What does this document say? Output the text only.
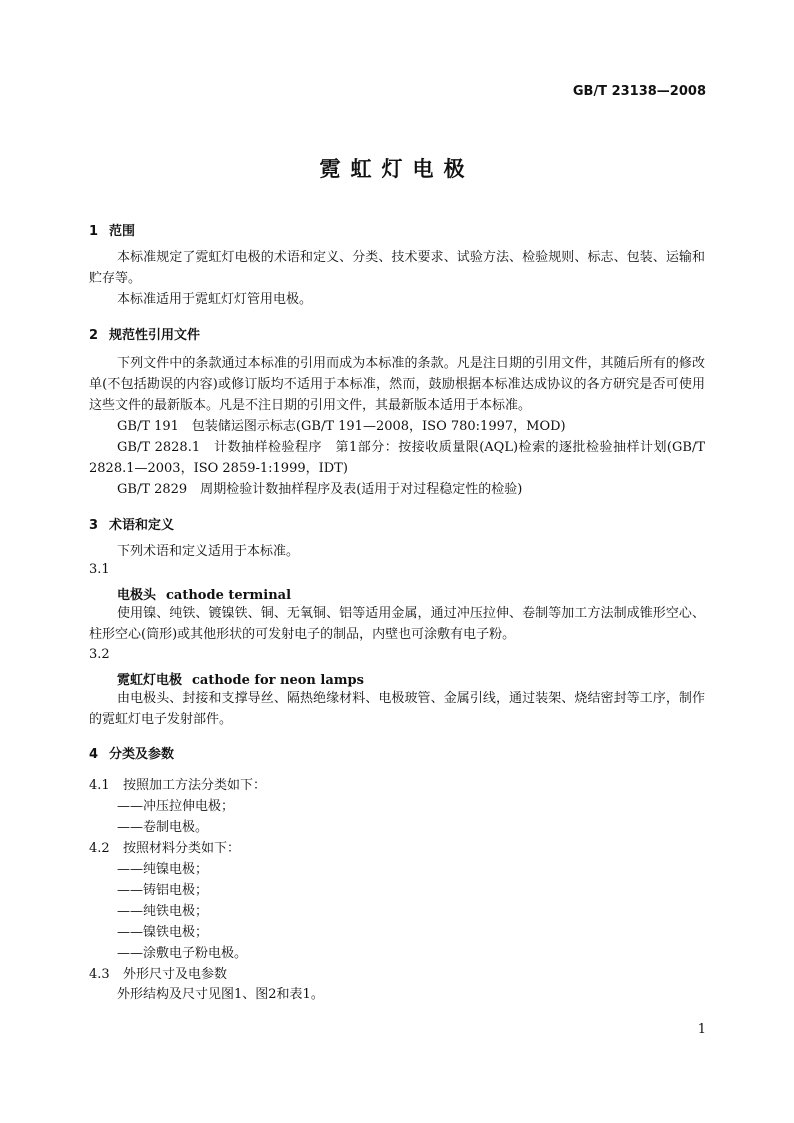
GB/T 23138—2008
霓虹灯电极
1 范围
本标准规定了霓虹灯电极的术语和定义、分类、技术要求、试验方法、检验规则、标志、包装、运输和贮存等。
本标准适用于霓虹灯灯管用电极。
2 规范性引用文件
下列文件中的条款通过本标准的引用而成为本标准的条款。凡是注日期的引用文件，其随后所有的修改单(不包括勘误的内容)或修订版均不适用于本标准，然而，鼓励根据本标准达成协议的各方研究是否可使用这些文件的最新版本。凡是不注日期的引用文件，其最新版本适用于本标准。
GB/T 191　包装储运图示标志(GB/T 191—2008，ISO 780:1997，MOD)
GB/T 2828.1　计数抽样检验程序　第1部分：按接收质量限(AQL)检索的逐批检验抽样计划(GB/T 2828.1—2003，ISO 2859-1:1999，IDT)
GB/T 2829　周期检验计数抽样程序及表(适用于对过程稳定性的检验)
3 术语和定义
下列术语和定义适用于本标准。
3.1
电极头 cathode terminal
使用镍、纯铁、镀镍铁、铜、无氧铜、铝等适用金属，通过冲压拉伸、卷制等加工方法制成锥形空心、柱形空心(筒形)或其他形状的可发射电子的制品，内壁也可涂敷有电子粉。
3.2
霓虹灯电极 cathode for neon lamps
由电极头、封接和支撑导丝、隔热绝缘材料、电极玻管、金属引线，通过装架、烧结密封等工序，制作的霓虹灯电子发射部件。
4 分类及参数
4.1 按照加工方法分类如下：
——冲压拉伸电极；
——卷制电极。
4.2 按照材料分类如下：
——纯镍电极；
——铸铝电极；
——纯铁电极；
——镍铁电极；
——涂敷电子粉电极。
4.3 外形尺寸及电参数
外形结构及尺寸见图1、图2和表1。
1
